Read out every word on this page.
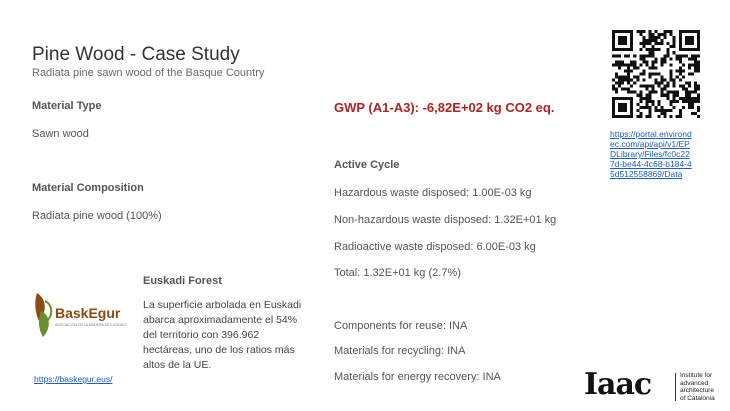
Pine Wood - Case Study
Radiata pine sawn wood of the Basque Country
Material Type
Sawn wood
Material Composition
Radiata pine wood (100%)
GWP (A1-A3): -6,82E+02 kg CO2 eq.
Active Cycle
Hazardous waste disposed: 1.00E-03 kg
Non-hazardous waste disposed: 1.32E+01 kg
Radioactive waste disposed: 6.00E-03 kg
Total: 1.32E+01 kg (2.7%)
Components for reuse: INA
Materials for recycling: INA
Materials for energy recovery: INA
Euskadi Forest
La superficie arbolada en Euskadi abarca aproximadamente el 54% del territorio con 396.962 hectáreas, uno de los ratios más altos de la UE.
BaskEgur
ASOCIACIÓN DE LA MADERA DE EUSKADI
https://baskegur.eus/
https://portal.environdec.com/api/api/v1/EPDLibrary/Files/fc0c227d-be44-4c68-b184-45d512558869/Data
Iaac	Institute for advanced architecture of Catalonia
